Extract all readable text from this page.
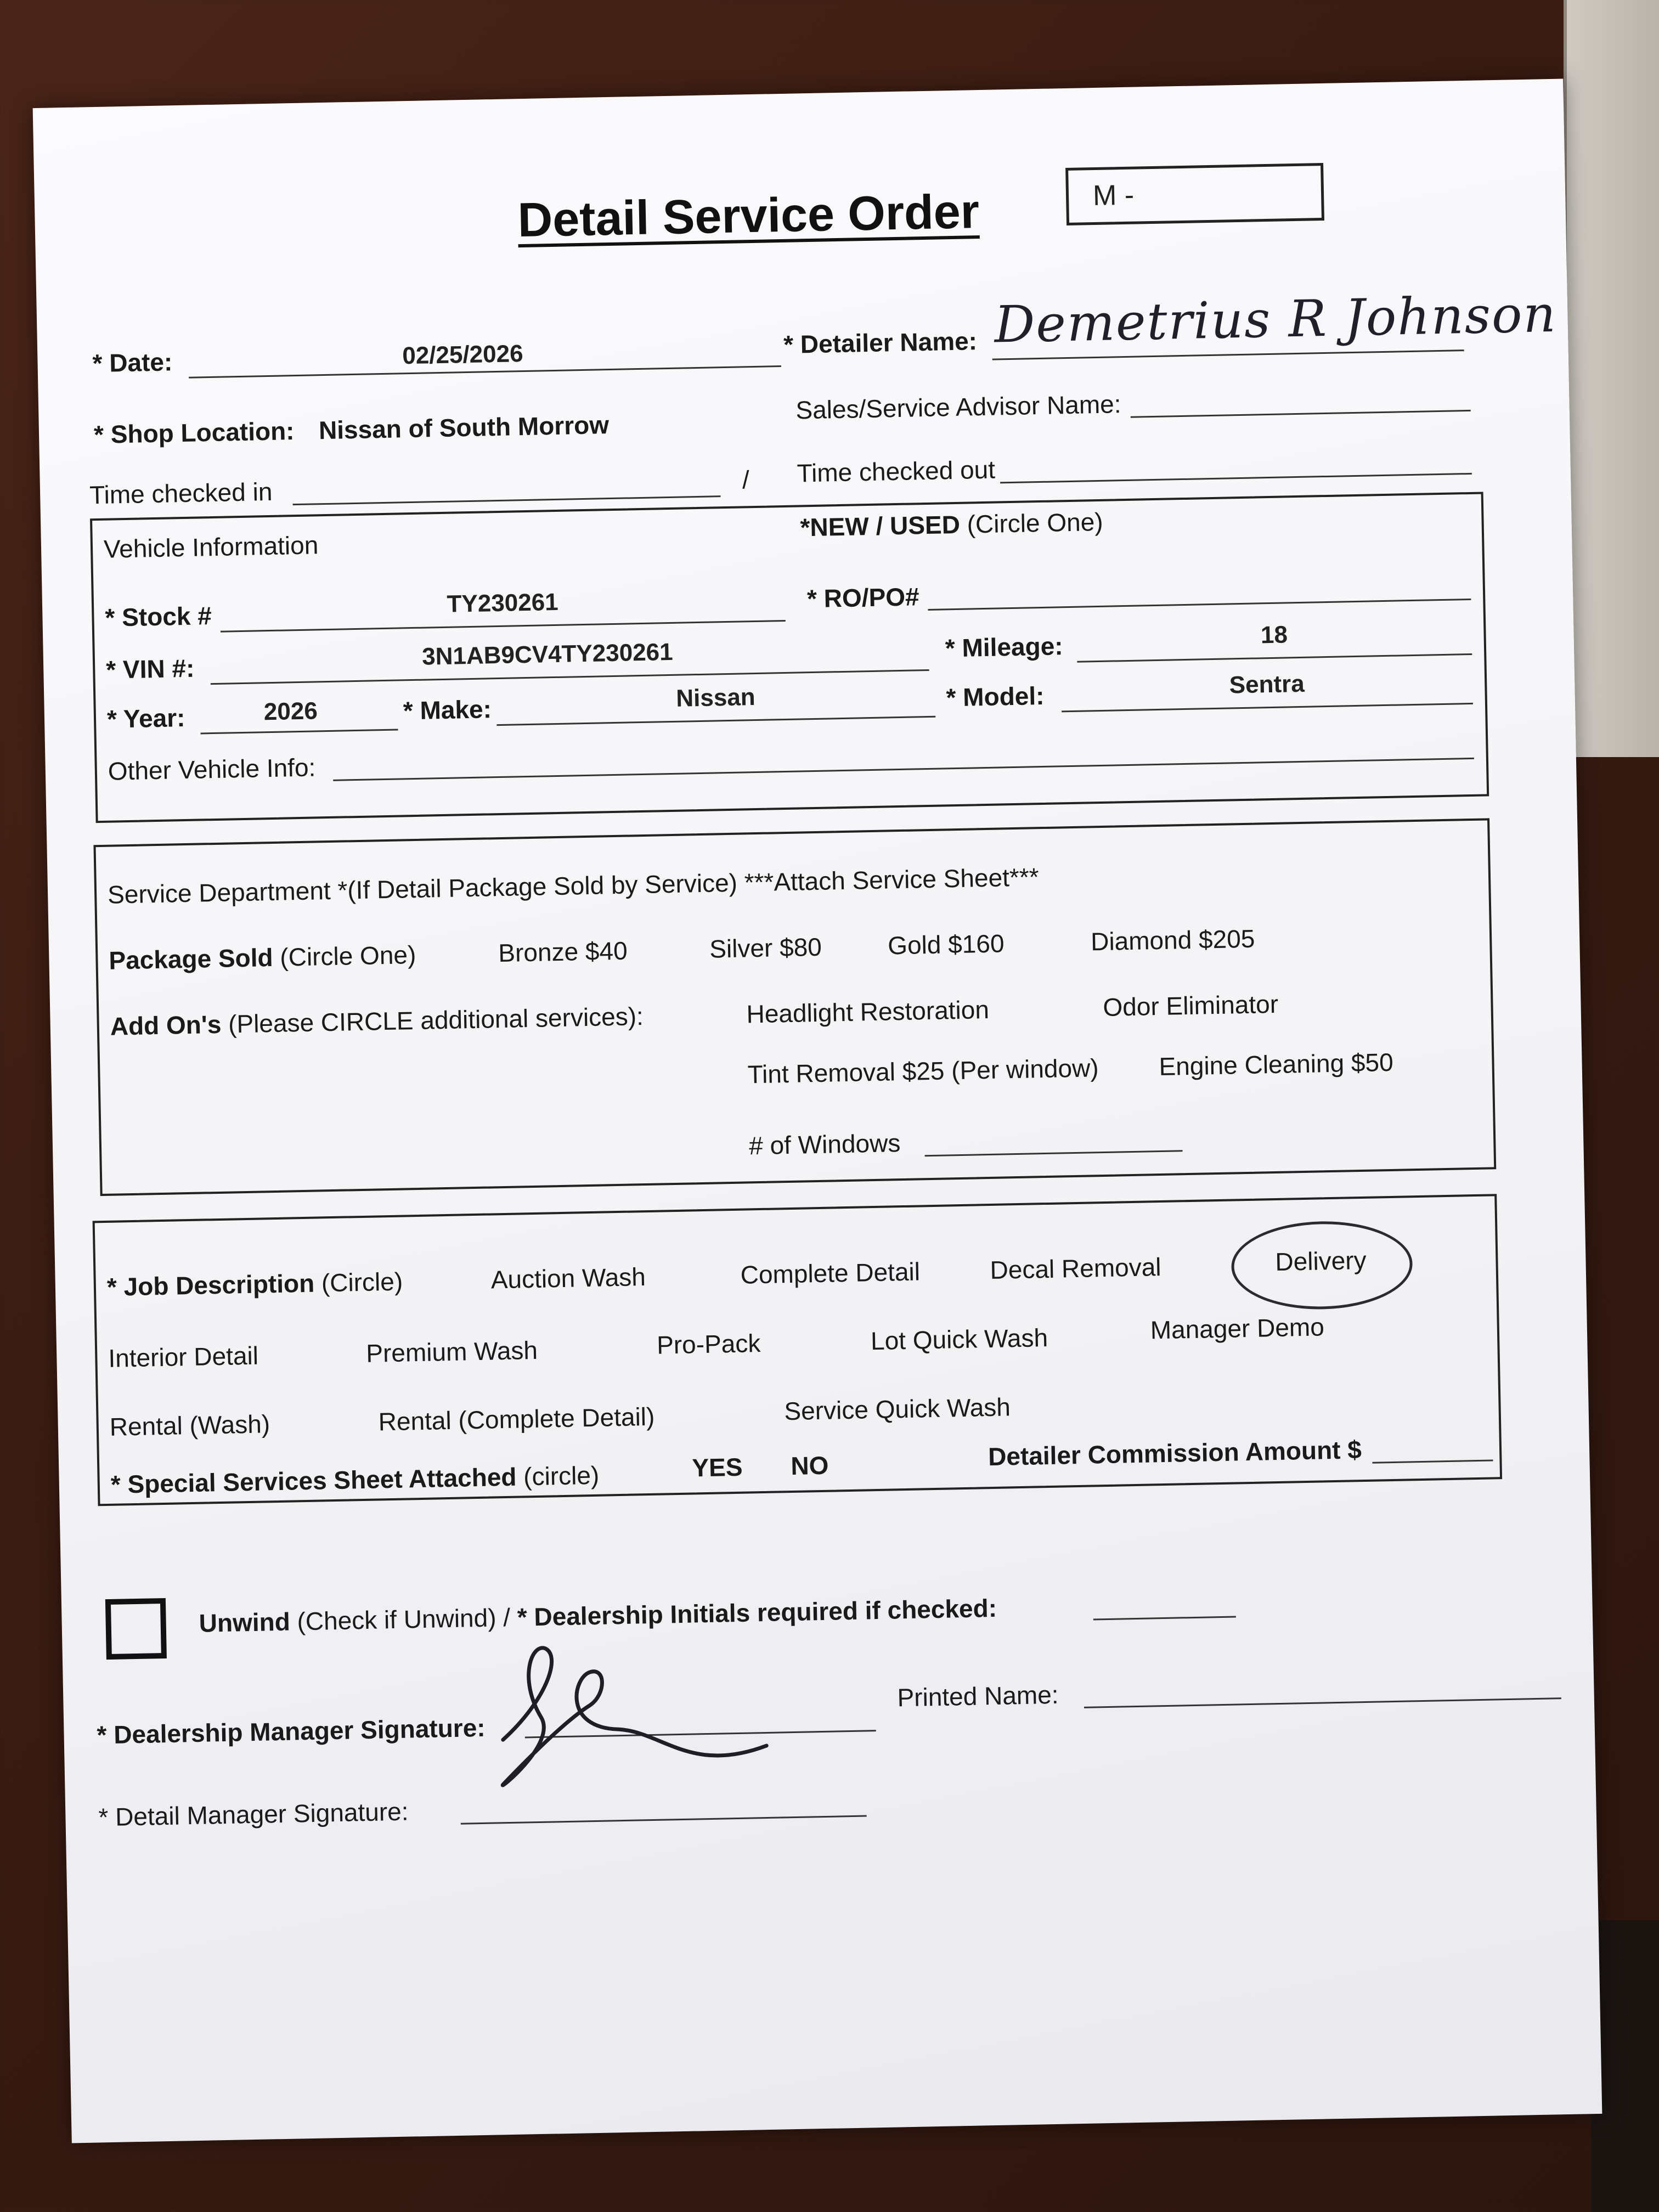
Detail Service Order	M -
* Date:	02/25/2026	* Detailer Name: Demetrius R Johnson
* Shop Location: Nissan of South Morrow
Sales/Service Advisor Name:
Time checked in	/ Time checked out
Vehicle Information
*NEW / USED (Circle One)
* Stock #	TY230261	* RO/PO#
* VIN #:	3N1AB9CV4TY230261	* Mileage:	18
* Year:	2026	* Make:	Nissan	* Model:	Sentra
Other Vehicle Info:
Service Department *(If Detail Package Sold by Service) ***Attach Service Sheet***
Package Sold (Circle One)	Bronze $40	Silver $80	Gold $160	Diamond $205
Add On's (Please CIRCLE additional services):	Headlight Restoration	Odor Eliminator
Tint Removal $25 (Per window) Engine Cleaning $50
# of Windows
* Job Description (Circle)	Auction Wash	Complete Detail	Decal Removal	Delivery
Interior Detail	Premium Wash	Pro-Pack	Lot Quick Wash	Manager Demo
Rental (Wash)	Rental (Complete Detail)	Service Quick Wash
* Special Services Sheet Attached (circle)	YES NO	Detailer Commission Amount $
Unwind (Check if Unwind) / * Dealership Initials required if checked:
* Dealership Manager Signature:
Printed Name:
* Detail Manager Signature:
